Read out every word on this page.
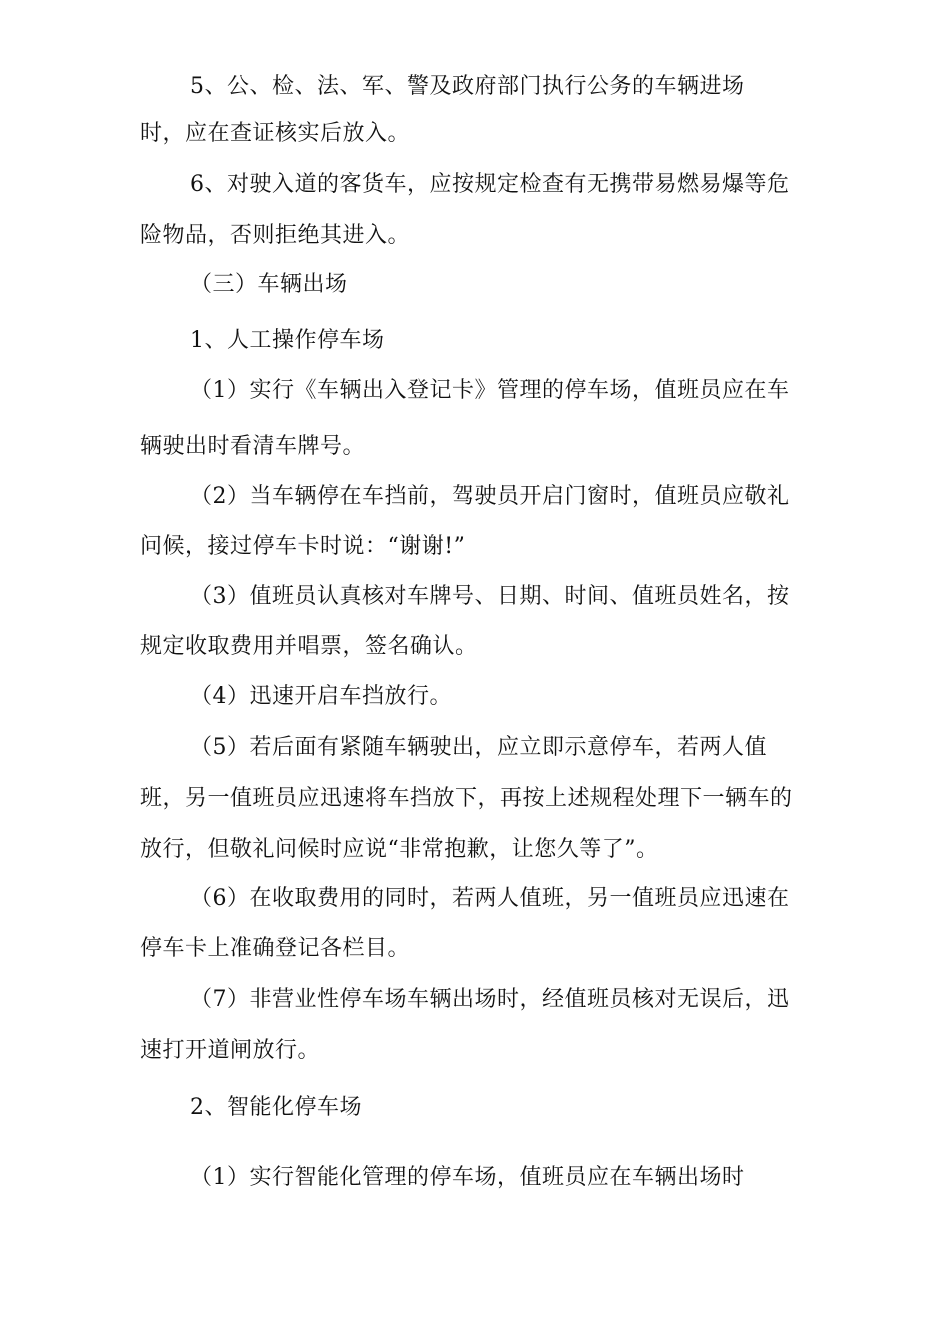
5、公、检、法、军、警及政府部门执行公务的车辆进场
时，应在查证核实后放入。
6、对驶入道的客货车，应按规定检查有无携带易燃易爆等危
险物品，否则拒绝其进入。
（三）车辆出场
1、人工操作停车场
（1）实行《车辆出入登记卡》管理的停车场，值班员应在车
辆驶出时看清车牌号。
（2）当车辆停在车挡前，驾驶员开启门窗时，值班员应敬礼
问候，接过停车卡时说：“谢谢!”
（3）值班员认真核对车牌号、日期、时间、值班员姓名，按
规定收取费用并唱票，签名确认。
（4）迅速开启车挡放行。
（5）若后面有紧随车辆驶出，应立即示意停车，若两人值
班，另一值班员应迅速将车挡放下，再按上述规程处理下一辆车的
放行，但敬礼问候时应说“非常抱歉，让您久等了”。
（6）在收取费用的同时，若两人值班，另一值班员应迅速在
停车卡上准确登记各栏目。
（7）非营业性停车场车辆出场时，经值班员核对无误后，迅
速打开道闸放行。
2、智能化停车场
（1）实行智能化管理的停车场，值班员应在车辆出场时
